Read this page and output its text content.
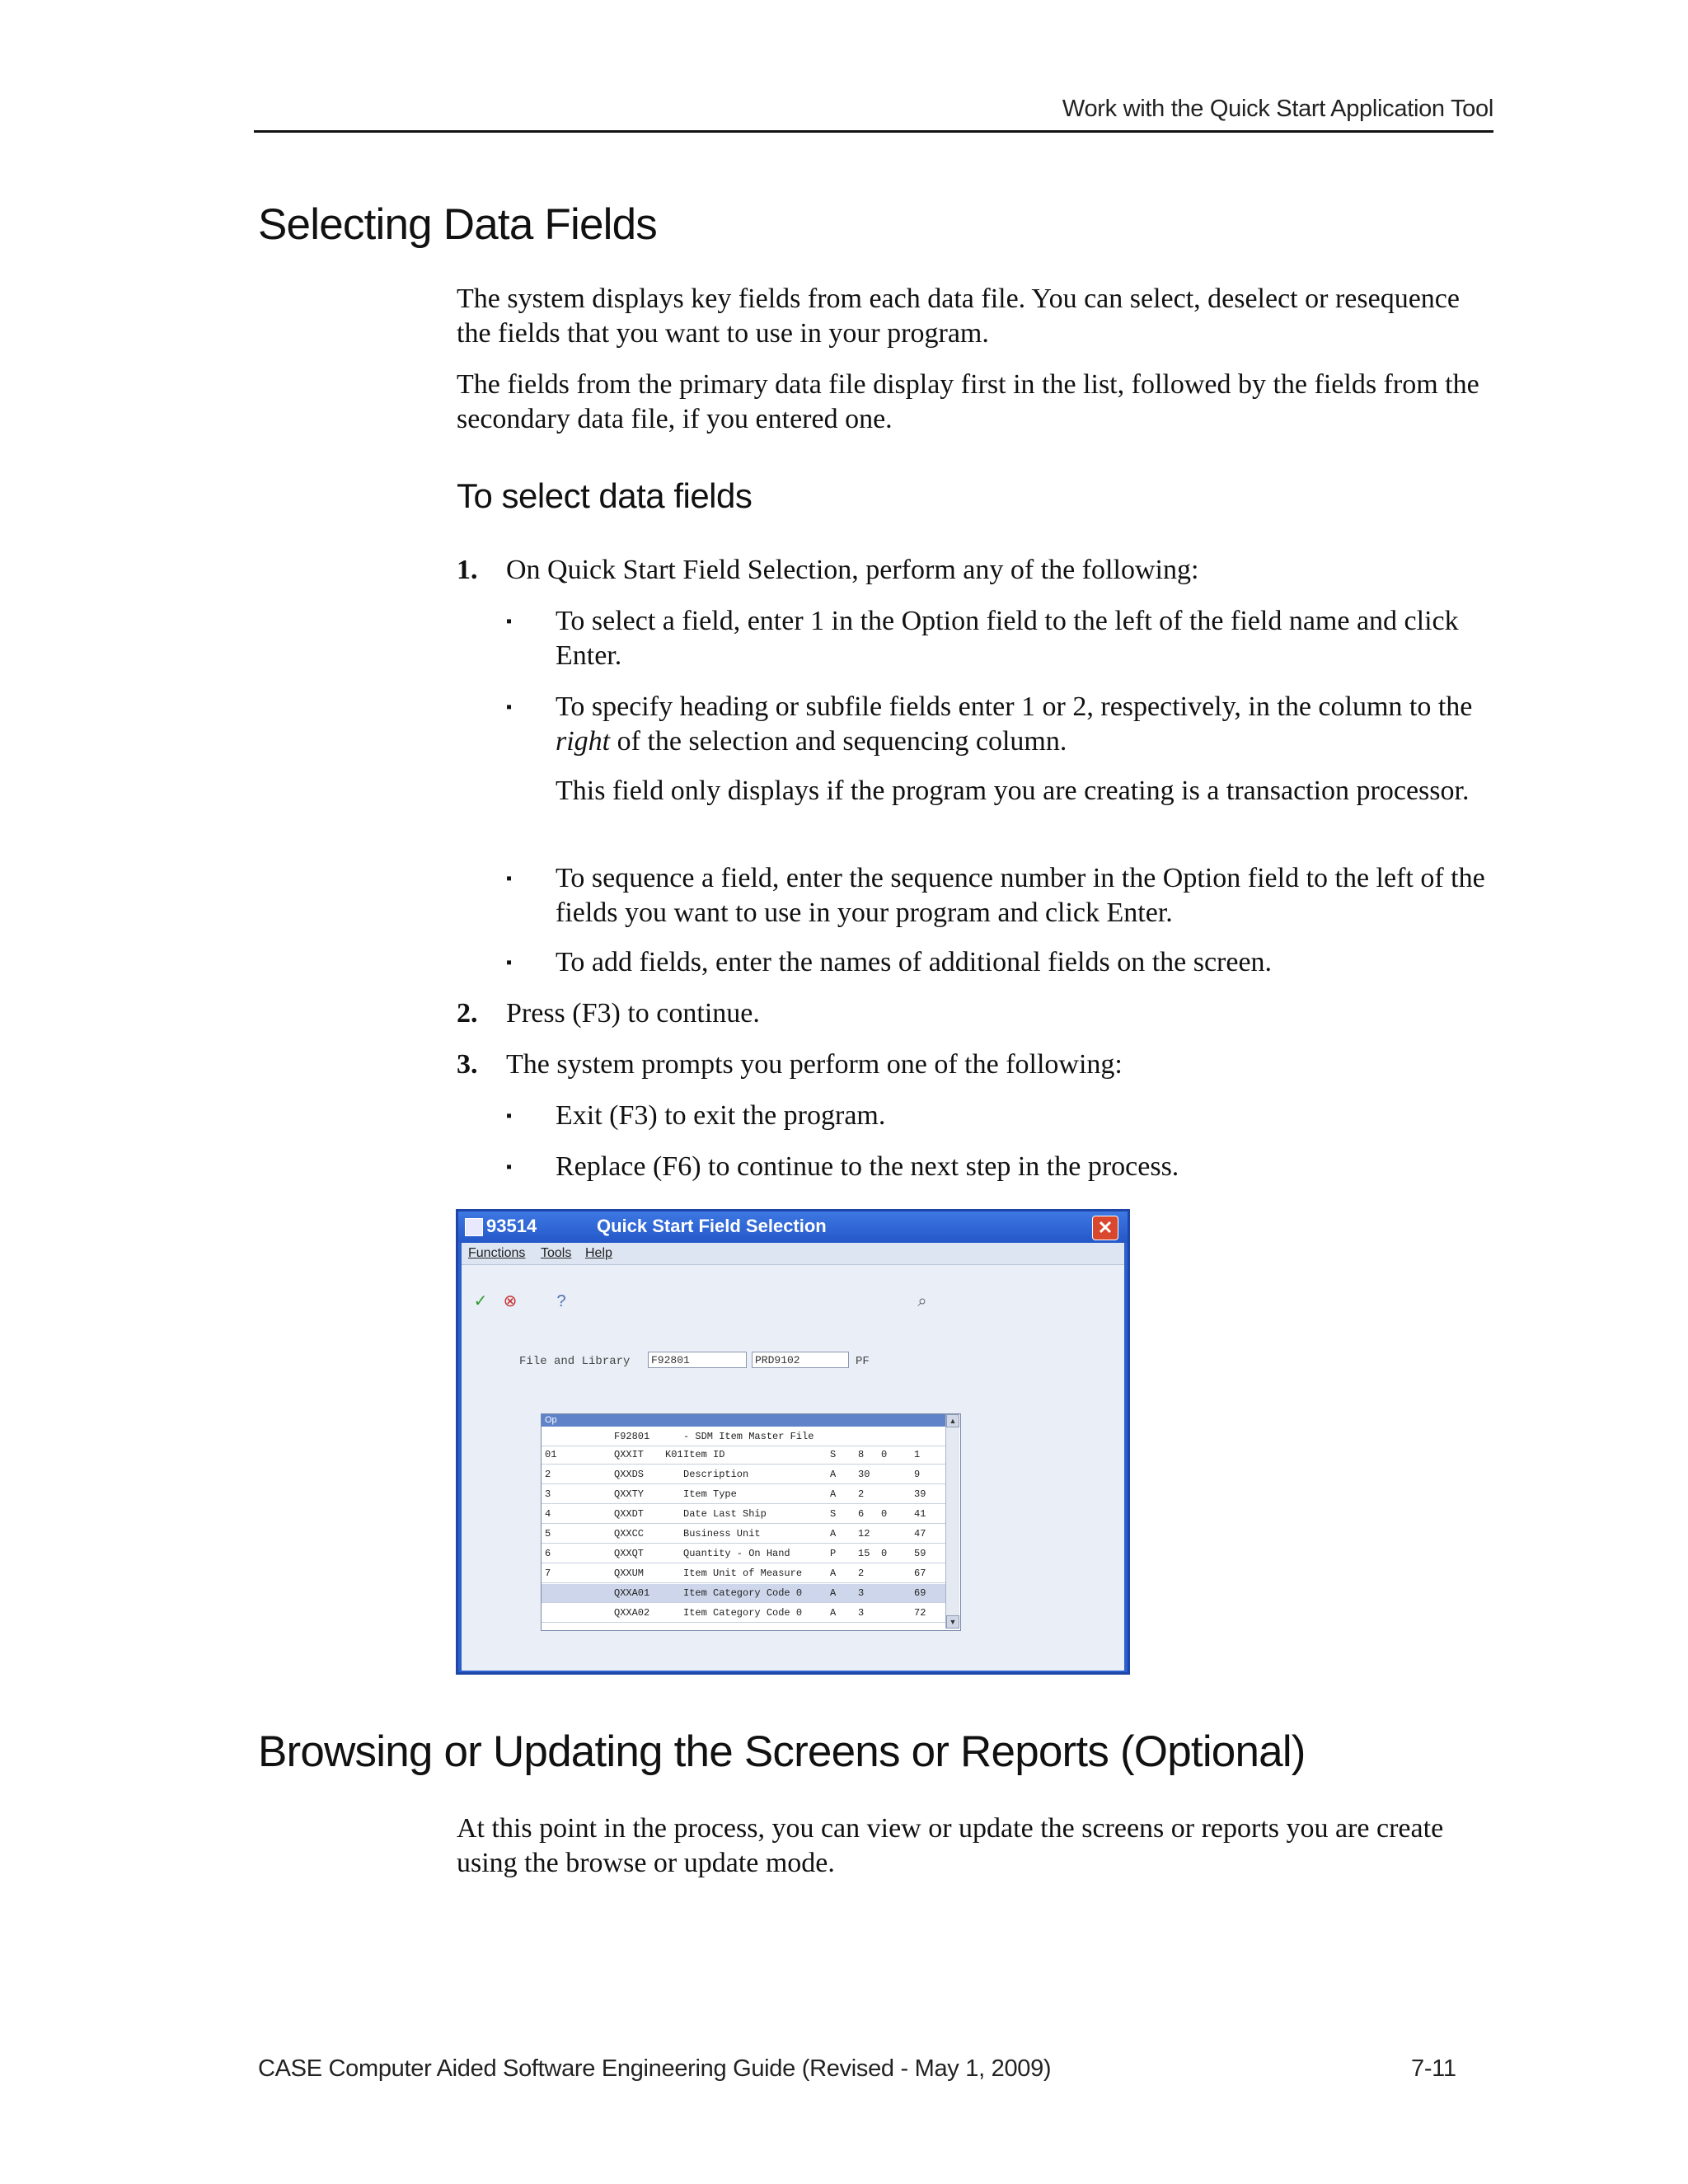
Work with the Quick Start Application Tool
Selecting Data Fields

The system displays key fields from each data file. You can select, deselect or resequence the fields that you want to use in your program.

The fields from the primary data file display first in the list, followed by the fields from the secondary data file, if you entered one.

To select data fields
1. On Quick Start Field Selection, perform any of the following:
▪ To select a field, enter 1 in the Option field to the left of the field name and click Enter.
▪ To specify heading or subfile fields enter 1 or 2, respectively, in the column to the right of the selection and sequencing column.
This field only displays if the program you are creating is a transaction processor.
▪ To sequence a field, enter the sequence number in the Option field to the left of the fields you want to use in your program and click Enter.
▪ To add fields, enter the names of additional fields on the screen.
2. Press (F3) to continue.
3. The system prompts you perform one of the following:
▪ Exit (F3) to exit the program.
▪ Replace (F6) to continue to the next step in the process.
93514	Quick Start Field Selection	✕
Functions Tools Help
✓ ⊗ ?	⌕
File and Library	F92801	PRD9102	PF
Op
F92801	- SDM Item Master File
01	QXXIT K01 Item ID	S 8 0	1
2	QXXDS	Description	A 30	9
3	QXXTY	Item Type	A 2	39
4	QXXDT	Date Last Ship	S 6 0	41
5	QXXCC	Business Unit	A 12	47
6	QXXQT	Quantity - On Hand	P 15 0	59
7	QXXUM	Item Unit of Measure	A 2	67
QXXA01	Item Category Code 0	A 3	69
QXXA02	Item Category Code 0	A 3	72
▲
▼
Browsing or Updating the Screens or Reports (Optional)

At this point in the process, you can view or update the screens or reports you are create using the browse or update mode.

CASE Computer Aided Software Engineering Guide (Revised - May 1, 2009)	7-11
